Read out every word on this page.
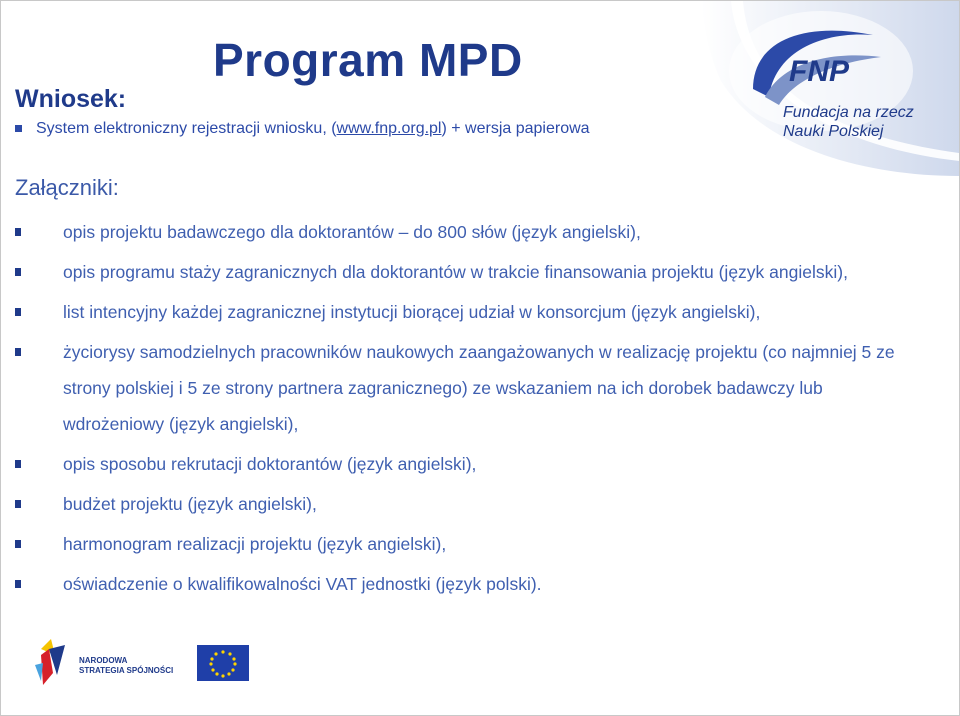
Program MPD
Wniosek:
System elektroniczny rejestracji wniosku, (www.fnp.org.pl) + wersja papierowa
Załączniki:
opis projektu badawczego dla doktorantów – do 800 słów (język angielski),
opis programu staży zagranicznych dla doktorantów w trakcie finansowania projektu (język angielski),
list intencyjny każdej zagranicznej instytucji biorącej udział w konsorcjum (język angielski),
życiorysy samodzielnych pracowników naukowych zaangażowanych w realizację projektu (co najmniej 5 ze strony polskiej i 5 ze strony partnera zagranicznego) ze wskazaniem na ich dorobek badawczy lub wdrożeniowy (język angielski),
opis sposobu rekrutacji doktorantów (język angielski),
budżet projektu (język angielski),
harmonogram realizacji projektu (język angielski),
oświadczenie o kwalifikowalności VAT jednostki (język polski).
FNP
Fundacja na rzecz
Nauki Polskiej
NARODOWA
STRATEGIA SPÓJNOŚCI
